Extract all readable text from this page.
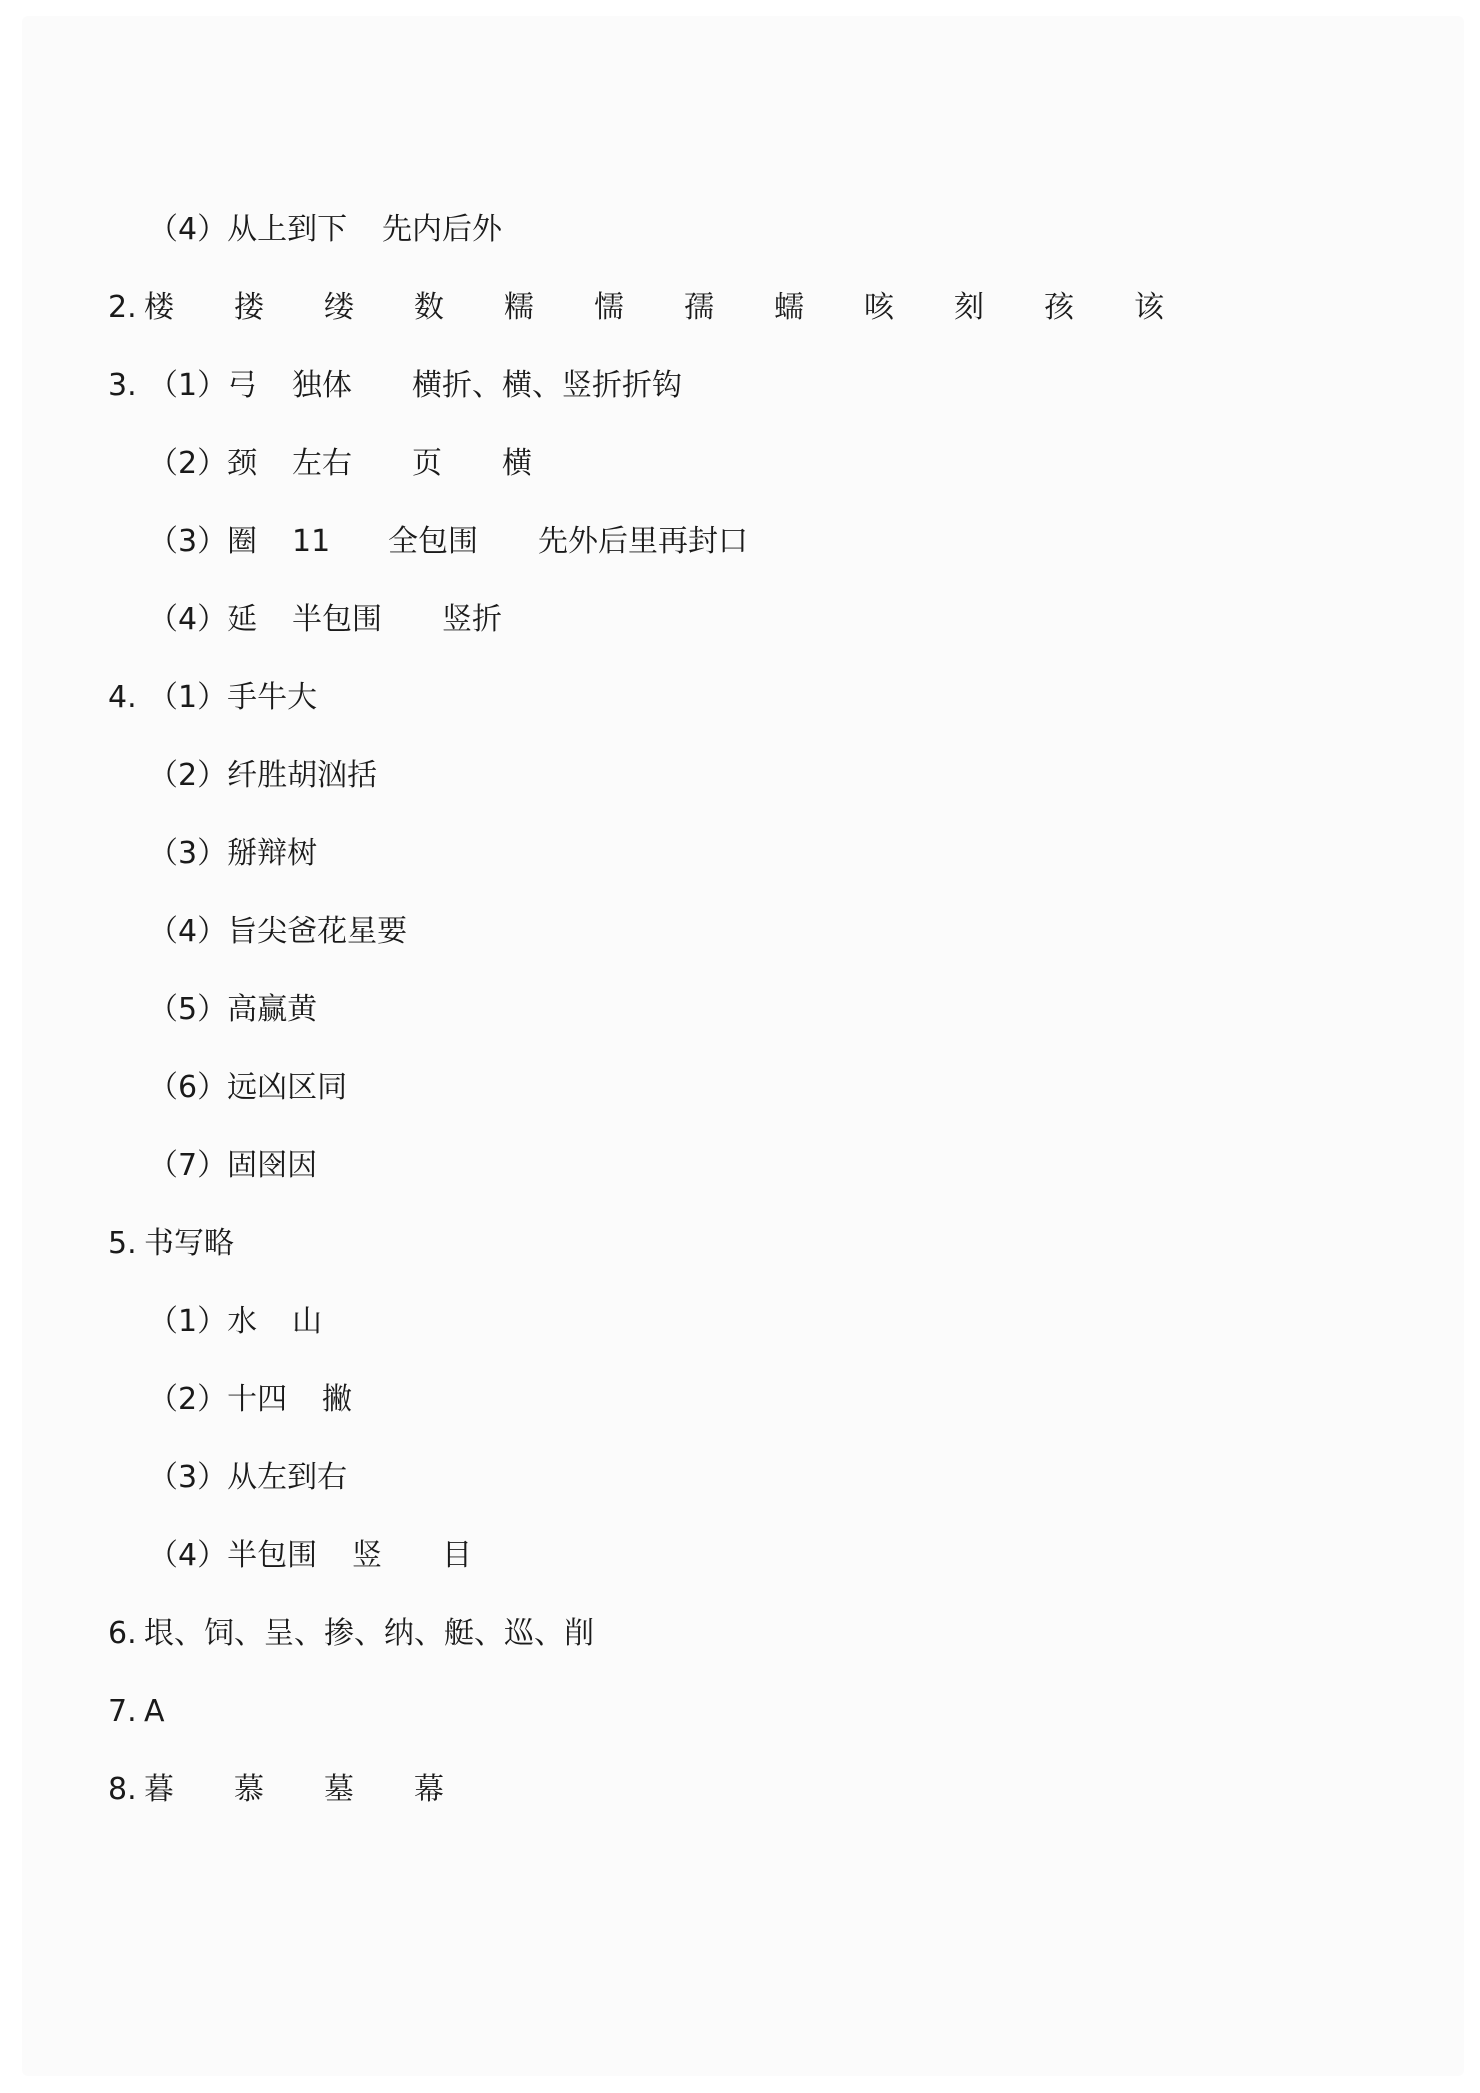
（4）从上到下 先内后外
2. 楼 搂 缕 数 糯 懦 孺 蠕 咳 刻 孩 该
3. （1）弓 独体 横折、横、竖折折钩
（2）颈 左右 页 横
（3）圈 11 全包围 先外后里再封口
（4）延 半包围 竖折
4. （1）手牛大
（2）纤胜胡汹括
（3）掰辩树
（4）旨尖爸花星要
（5）高赢黄
（6）远凶区同
（7）固囹因
5. 书写略
（1）水 山
（2）十四 撇
（3）从左到右
（4）半包围 竖 目
6. 垠、饲、呈、掺、纳、艇、巡、削
7. A
8. 暮 慕 墓 幕
